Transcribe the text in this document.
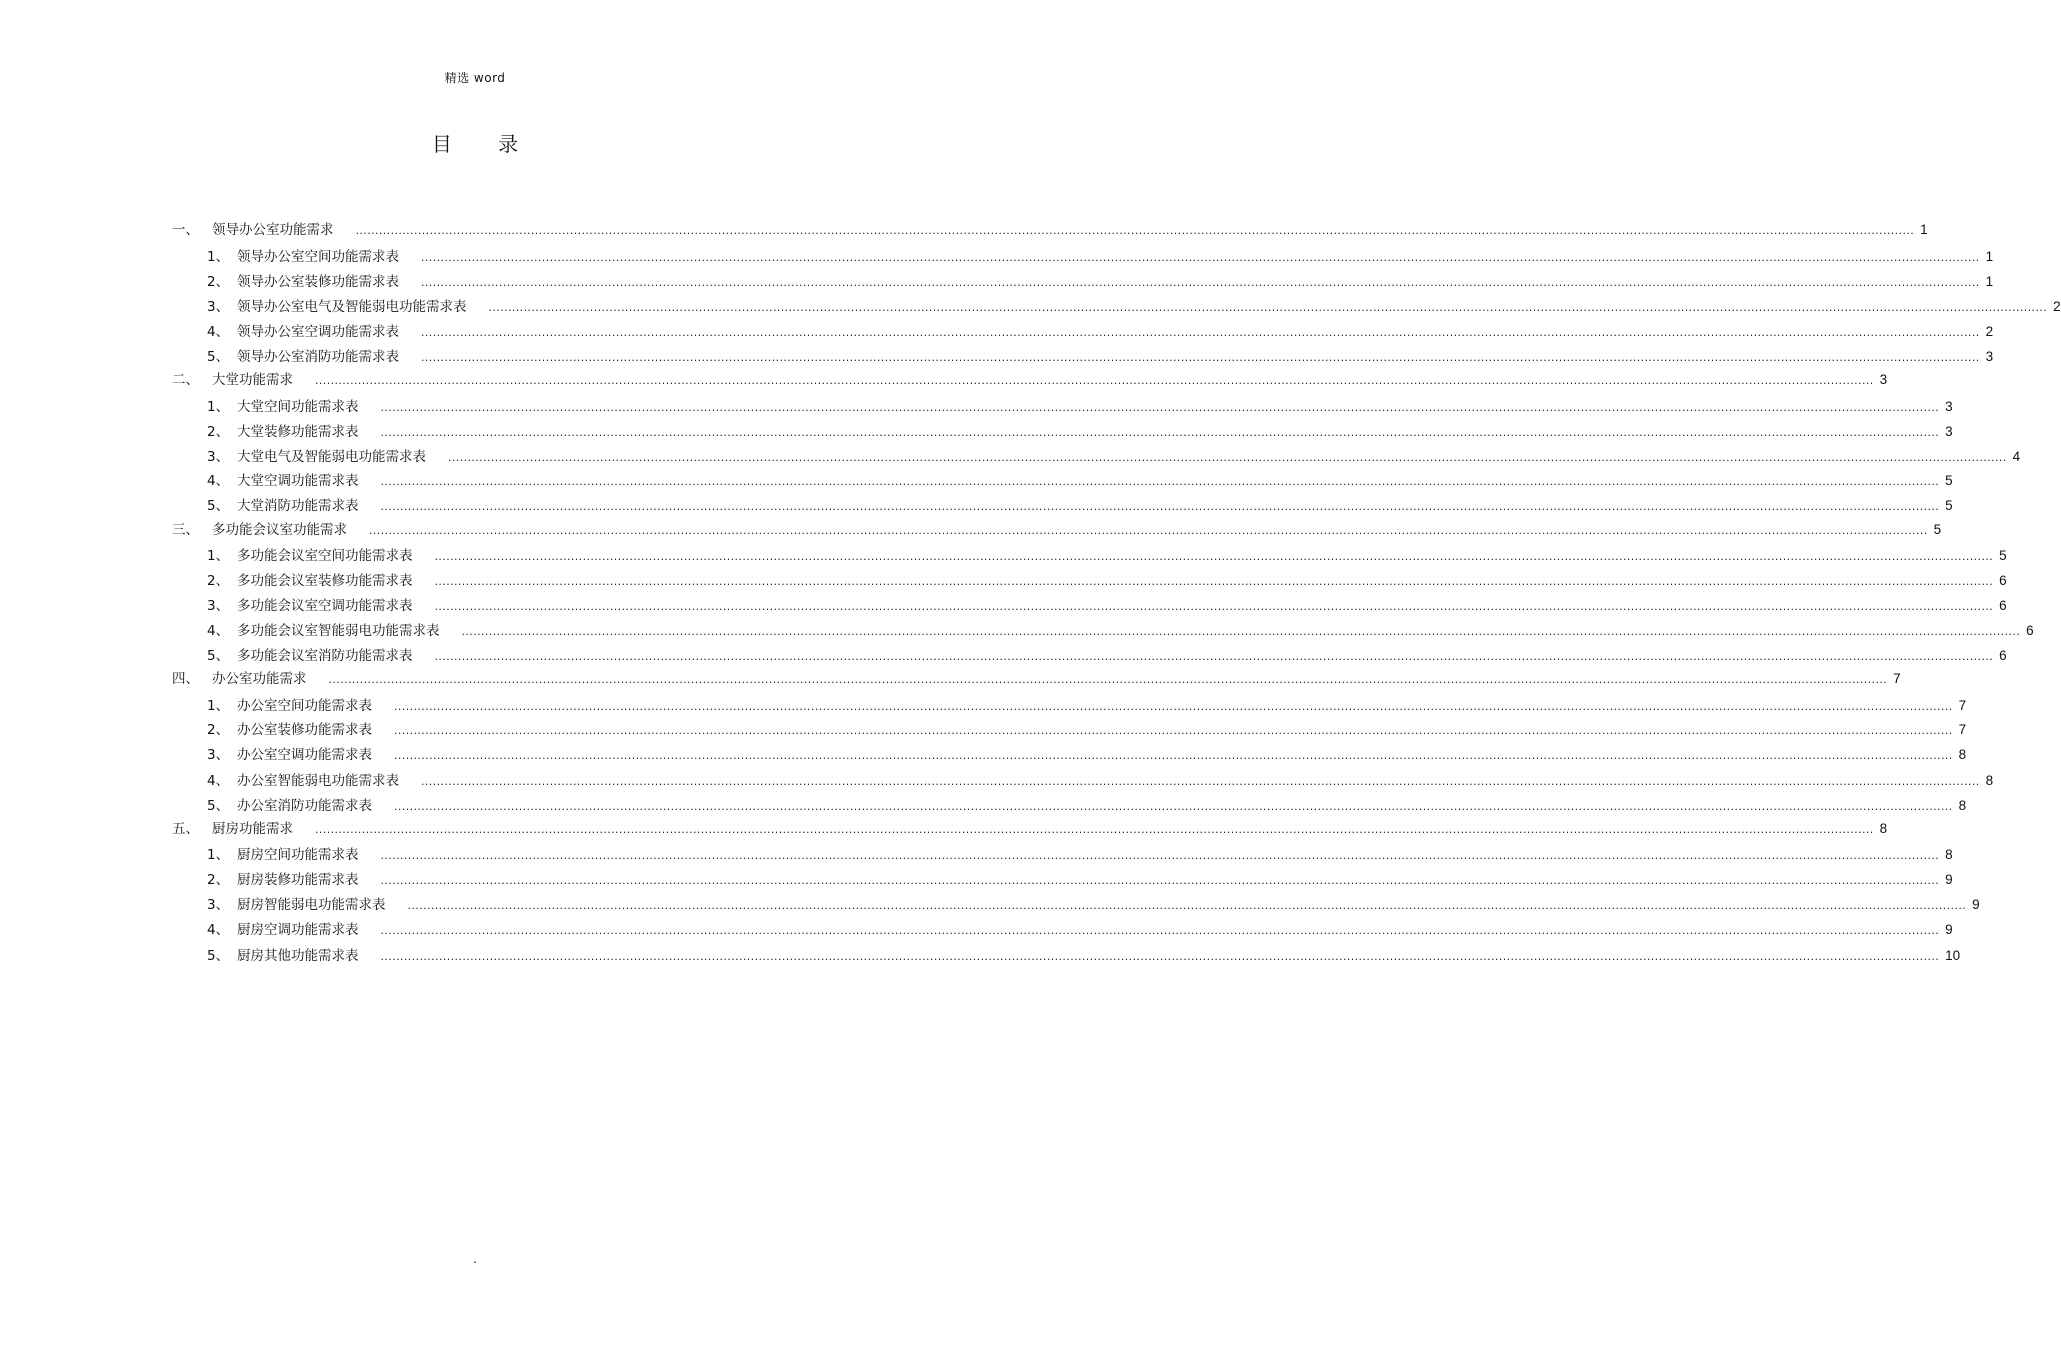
精选 word
目 录
一、 领导办公室功能需求 ................................................................................................................................................................................................................................................................................................................................................................................................................ 1
1、 领导办公室空间功能需求表 ................................................................................................................................................................................................................................................................................................................................................................................................................ 1
2、 领导办公室装修功能需求表 ................................................................................................................................................................................................................................................................................................................................................................................................................ 1
3、 领导办公室电气及智能弱电功能需求表 ................................................................................................................................................................................................................................................................................................................................................................................................................ 2
4、 领导办公室空调功能需求表 ................................................................................................................................................................................................................................................................................................................................................................................................................ 2
5、 领导办公室消防功能需求表 ................................................................................................................................................................................................................................................................................................................................................................................................................ 3
二、 大堂功能需求 ................................................................................................................................................................................................................................................................................................................................................................................................................ 3
1、 大堂空间功能需求表 ................................................................................................................................................................................................................................................................................................................................................................................................................ 3
2、 大堂装修功能需求表 ................................................................................................................................................................................................................................................................................................................................................................................................................ 3
3、 大堂电气及智能弱电功能需求表 ................................................................................................................................................................................................................................................................................................................................................................................................................ 4
4、 大堂空调功能需求表 ................................................................................................................................................................................................................................................................................................................................................................................................................ 5
5、 大堂消防功能需求表 ................................................................................................................................................................................................................................................................................................................................................................................................................ 5
三、 多功能会议室功能需求 ................................................................................................................................................................................................................................................................................................................................................................................................................ 5
1、 多功能会议室空间功能需求表 ................................................................................................................................................................................................................................................................................................................................................................................................................ 5
2、 多功能会议室装修功能需求表 ................................................................................................................................................................................................................................................................................................................................................................................................................ 6
3、 多功能会议室空调功能需求表 ................................................................................................................................................................................................................................................................................................................................................................................................................ 6
4、 多功能会议室智能弱电功能需求表 ................................................................................................................................................................................................................................................................................................................................................................................................................ 6
5、 多功能会议室消防功能需求表 ................................................................................................................................................................................................................................................................................................................................................................................................................ 6
四、 办公室功能需求 ................................................................................................................................................................................................................................................................................................................................................................................................................ 7
1、 办公室空间功能需求表 ................................................................................................................................................................................................................................................................................................................................................................................................................ 7
2、 办公室装修功能需求表 ................................................................................................................................................................................................................................................................................................................................................................................................................ 7
3、 办公室空调功能需求表 ................................................................................................................................................................................................................................................................................................................................................................................................................ 8
4、 办公室智能弱电功能需求表 ................................................................................................................................................................................................................................................................................................................................................................................................................ 8
5、 办公室消防功能需求表 ................................................................................................................................................................................................................................................................................................................................................................................................................ 8
五、 厨房功能需求 ................................................................................................................................................................................................................................................................................................................................................................................................................ 8
1、 厨房空间功能需求表 ................................................................................................................................................................................................................................................................................................................................................................................................................ 8
2、 厨房装修功能需求表 ................................................................................................................................................................................................................................................................................................................................................................................................................ 9
3、 厨房智能弱电功能需求表 ................................................................................................................................................................................................................................................................................................................................................................................................................ 9
4、 厨房空调功能需求表 ................................................................................................................................................................................................................................................................................................................................................................................................................ 9
5、 厨房其他功能需求表 ................................................................................................................................................................................................................................................................................................................................................................................................................ 10
.
